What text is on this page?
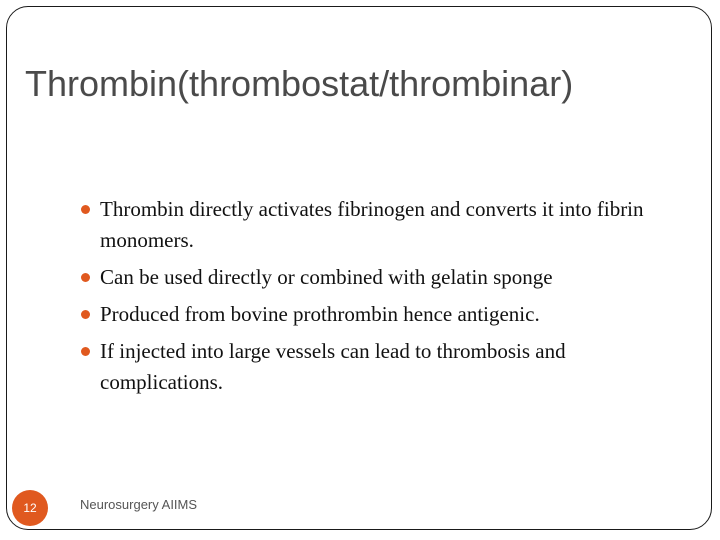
Thrombin(thrombostat/thrombinar)
Thrombin directly activates fibrinogen and converts it into fibrin monomers.
Can be used directly or combined with gelatin sponge
Produced from bovine prothrombin hence antigenic.
If injected into large vessels can lead to thrombosis and complications.
12	Neurosurgery AIIMS
